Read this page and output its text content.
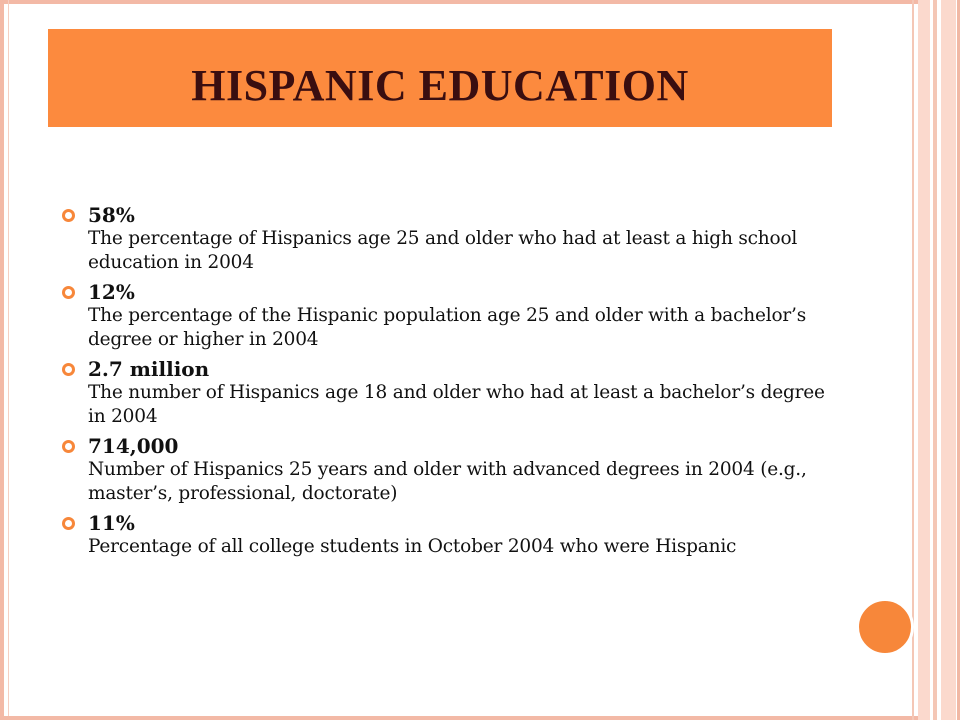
HISPANIC EDUCATION
58%
The percentage of Hispanics age 25 and older who had at least a high school education in 2004
12%
The percentage of the Hispanic population age 25 and older with a bachelor’s degree or higher in 2004
2.7 million
The number of Hispanics age 18 and older who had at least a bachelor’s degree in 2004
714,000
Number of Hispanics 25 years and older with advanced degrees in 2004 (e.g., master’s, professional, doctorate)
11%
Percentage of all college students in October 2004 who were Hispanic
